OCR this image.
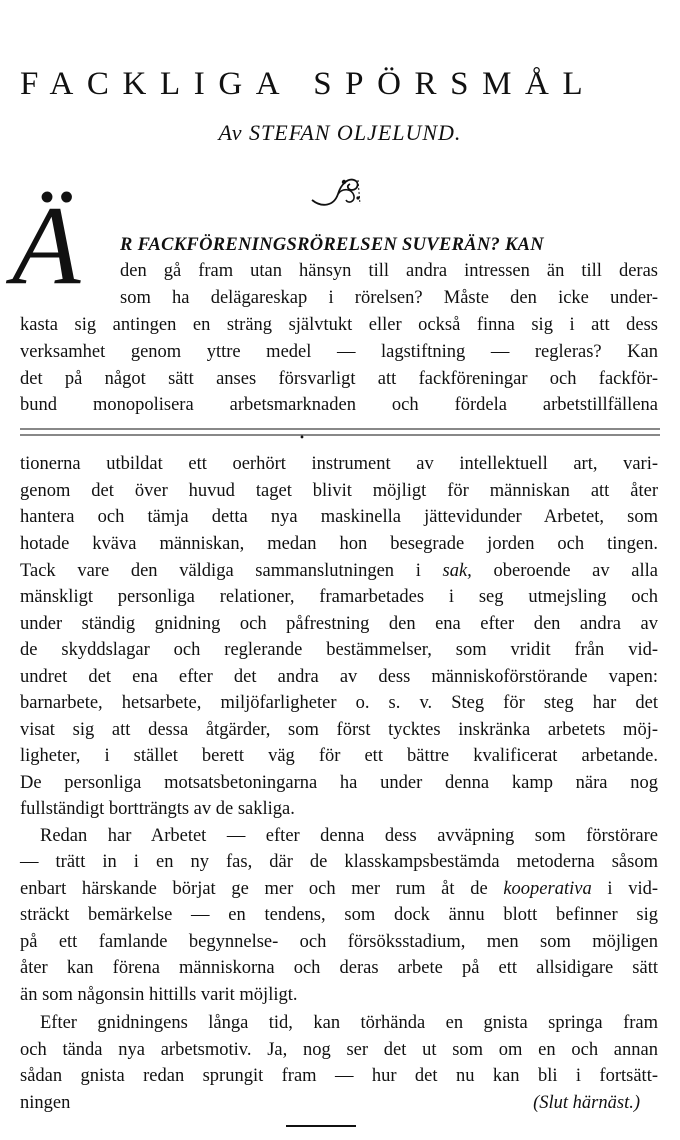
FACKLIGA SPÖRSMÅL
Av STEFAN OLJELUND.
Ä R FACKFÖRENINGSRÖRELSEN SUVERÄN? KAN
den gå fram utan hänsyn till andra intressen än till deras
som ha delägareskap i rörelsen? Måste den icke under-
kasta sig antingen en sträng självtukt eller också finna sig i att dess
verksamhet genom yttre medel — lagstiftning — regleras? Kan
det på något sätt anses försvarligt att fackföreningar och fackför-
bund monopolisera arbetsmarknaden och fördela arbetstillfällena
tionerna utbildat ett oerhört instrument av intellektuell art, vari-
genom det över huvud taget blivit möjligt för människan att åter
hantera och tämja detta nya maskinella jättevidunder Arbetet, som
hotade kväva människan, medan hon besegrade jorden och tingen.
Tack vare den väldiga sammanslutningen i sak, oberoende av alla
mänskligt personliga relationer, framarbetades i seg utmejsling och
under ständig gnidning och påfrestning den ena efter den andra av
de skyddslagar och reglerande bestämmelser, som vridit från vid-
undret det ena efter det andra av dess människoförstörande vapen:
barnarbete, hetsarbete, miljöfarligheter o. s. v. Steg för steg har det
visat sig att dessa åtgärder, som först tycktes inskränka arbetets möj-
ligheter, i stället berett väg för ett bättre kvalificerat arbetande.
De personliga motsatsbetoningarna ha under denna kamp nära nog
fullständigt bortträngts av de sakliga.
Redan har Arbetet — efter denna dess avväpning som förstörare
— trätt in i en ny fas, där de klasskampsbestämda metoderna såsom
enbart härskande börjat ge mer och mer rum åt de kooperativa i vid-
sträckt bemärkelse — en tendens, som dock ännu blott befinner sig
på ett famlande begynnelse- och försöksstadium, men som möjligen
åter kan förena människorna och deras arbete på ett allsidigare sätt
än som någonsin hittills varit möjligt.
Efter gnidningens långa tid, kan törhända en gnista springa fram
och tända nya arbetsmotiv. Ja, nog ser det ut som om en och annan
sådan gnista redan sprungit fram — hur det nu kan bli i fortsätt-
ningen	(Slut härnäst.)
